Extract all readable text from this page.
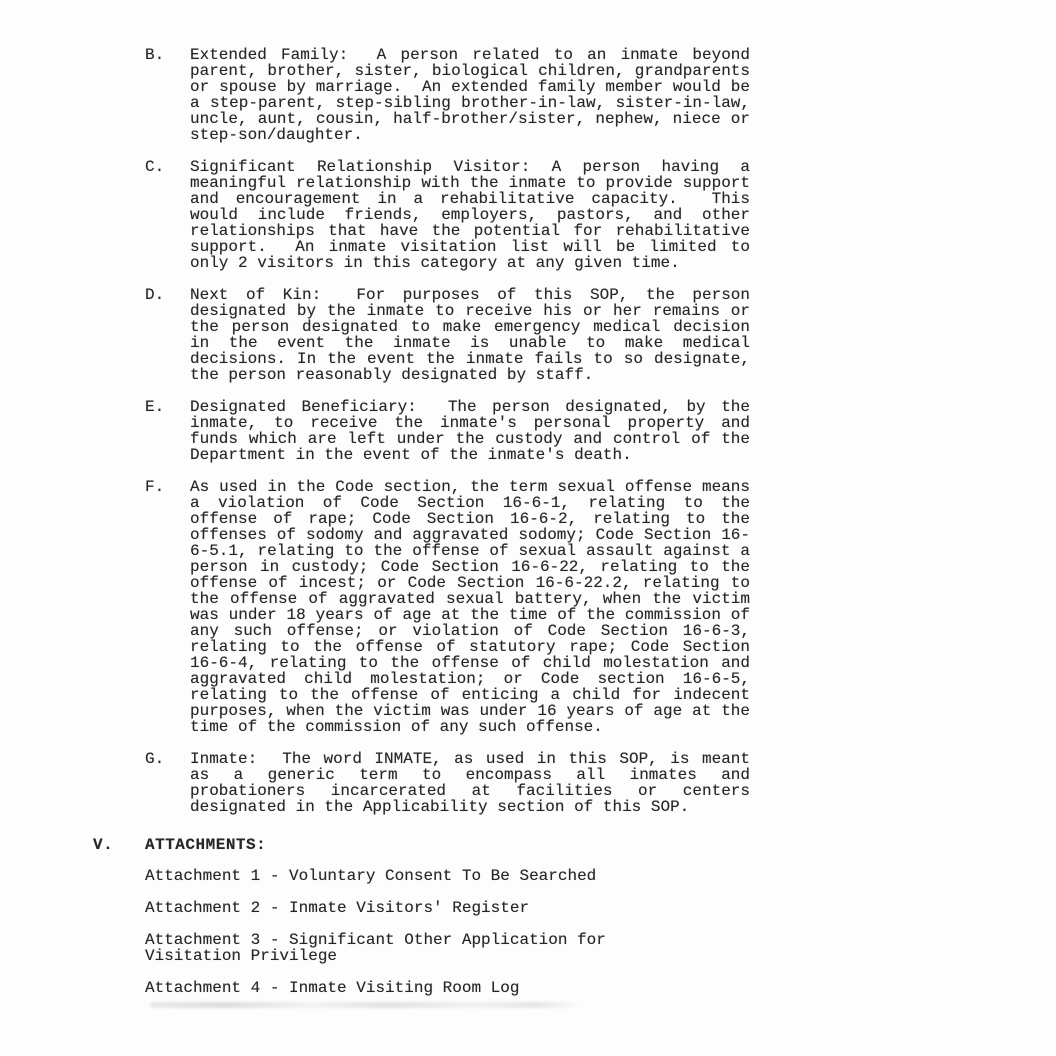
B.	Extended Family:  A person related to an inmate beyond
parent, brother, sister, biological children, grandparents
or spouse by marriage.  An extended family member would be
a step-parent, step-sibling brother-in-law, sister-in-law,
uncle, aunt, cousin, half-brother/sister, nephew, niece or
step-son/daughter.
C.	Significant Relationship Visitor: A person having a
meaningful relationship with the inmate to provide support
and encouragement in a rehabilitative capacity.  This
would include friends, employers, pastors, and other
relationships that have the potential for rehabilitative
support.  An inmate visitation list will be limited to
only 2 visitors in this category at any given time.
D.	Next of Kin:  For purposes of this SOP, the person
designated by the inmate to receive his or her remains or
the person designated to make emergency medical decision
in the event the inmate is unable to make medical
decisions. In the event the inmate fails to so designate,
the person reasonably designated by staff.
E.	Designated Beneficiary:  The person designated, by the
inmate, to receive the inmate's personal property and
funds which are left under the custody and control of the
Department in the event of the inmate's death.
F.	As used in the Code section, the term sexual offense means
a violation of Code Section 16-6-1, relating to the
offense of rape; Code Section 16-6-2, relating to the
offenses of sodomy and aggravated sodomy; Code Section 16-
6-5.1, relating to the offense of sexual assault against a
person in custody; Code Section 16-6-22, relating to the
offense of incest; or Code Section 16-6-22.2, relating to
the offense of aggravated sexual battery, when the victim
was under 18 years of age at the time of the commission of
any such offense; or violation of Code Section 16-6-3,
relating to the offense of statutory rape; Code Section
16-6-4, relating to the offense of child molestation and
aggravated child molestation; or Code section 16-6-5,
relating to the offense of enticing a child for indecent
purposes, when the victim was under 16 years of age at the
time of the commission of any such offense.
G.	Inmate:  The word INMATE, as used in this SOP, is meant
as a generic term to encompass all inmates and
probationers incarcerated at facilities or centers
designated in the Applicability section of this SOP.
V.	ATTACHMENTS:
Attachment 1 - Voluntary Consent To Be Searched
Attachment 2 - Inmate Visitors' Register
Attachment 3 - Significant Other Application for
Visitation Privilege
Attachment 4 - Inmate Visiting Room Log
